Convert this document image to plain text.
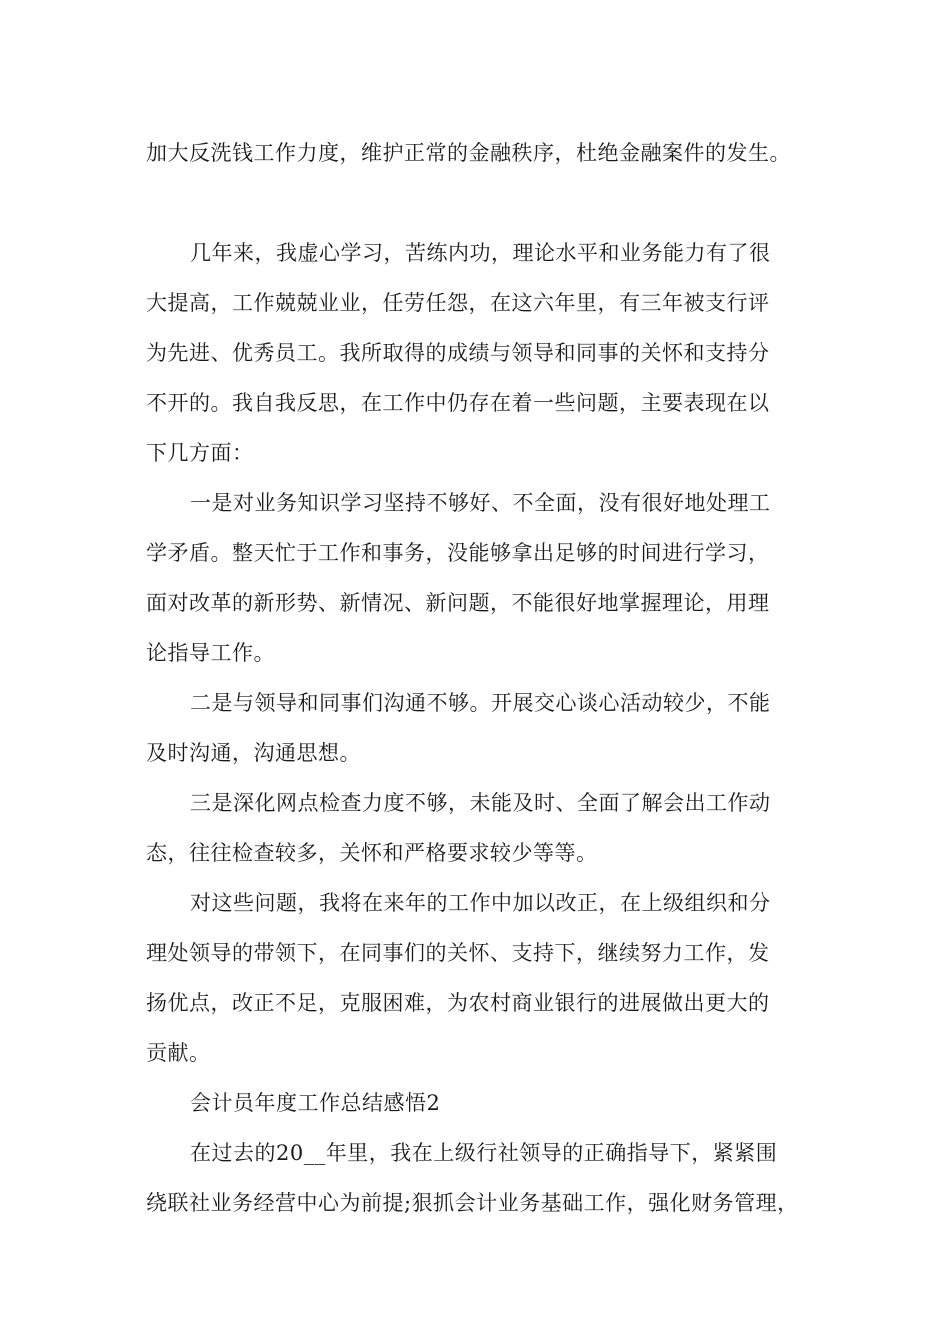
加大反洗钱工作力度，维护正常的金融秩序，杜绝金融案件的发生。

几年来，我虚心学习，苦练内功，理论水平和业务能力有了很

大提高，工作兢兢业业，任劳任怨，在这六年里，有三年被支行评

为先进、优秀员工。我所取得的成绩与领导和同事的关怀和支持分

不开的。我自我反思，在工作中仍存在着一些问题，主要表现在以

下几方面：

一是对业务知识学习坚持不够好、不全面，没有很好地处理工

学矛盾。整天忙于工作和事务，没能够拿出足够的时间进行学习，

面对改革的新形势、新情况、新问题，不能很好地掌握理论，用理

论指导工作。

二是与领导和同事们沟通不够。开展交心谈心活动较少，不能

及时沟通，沟通思想。

三是深化网点检查力度不够，未能及时、全面了解会出工作动

态，往往检查较多，关怀和严格要求较少等等。

对这些问题，我将在来年的工作中加以改正，在上级组织和分

理处领导的带领下，在同事们的关怀、支持下，继续努力工作，发

扬优点，改正不足，克服困难，为农村商业银行的进展做出更大的

贡献。

会计员年度工作总结感悟2

在过去的20__年里，我在上级行社领导的正确指导下，紧紧围

绕联社业务经营中心为前提;狠抓会计业务基础工作，强化财务管理，
